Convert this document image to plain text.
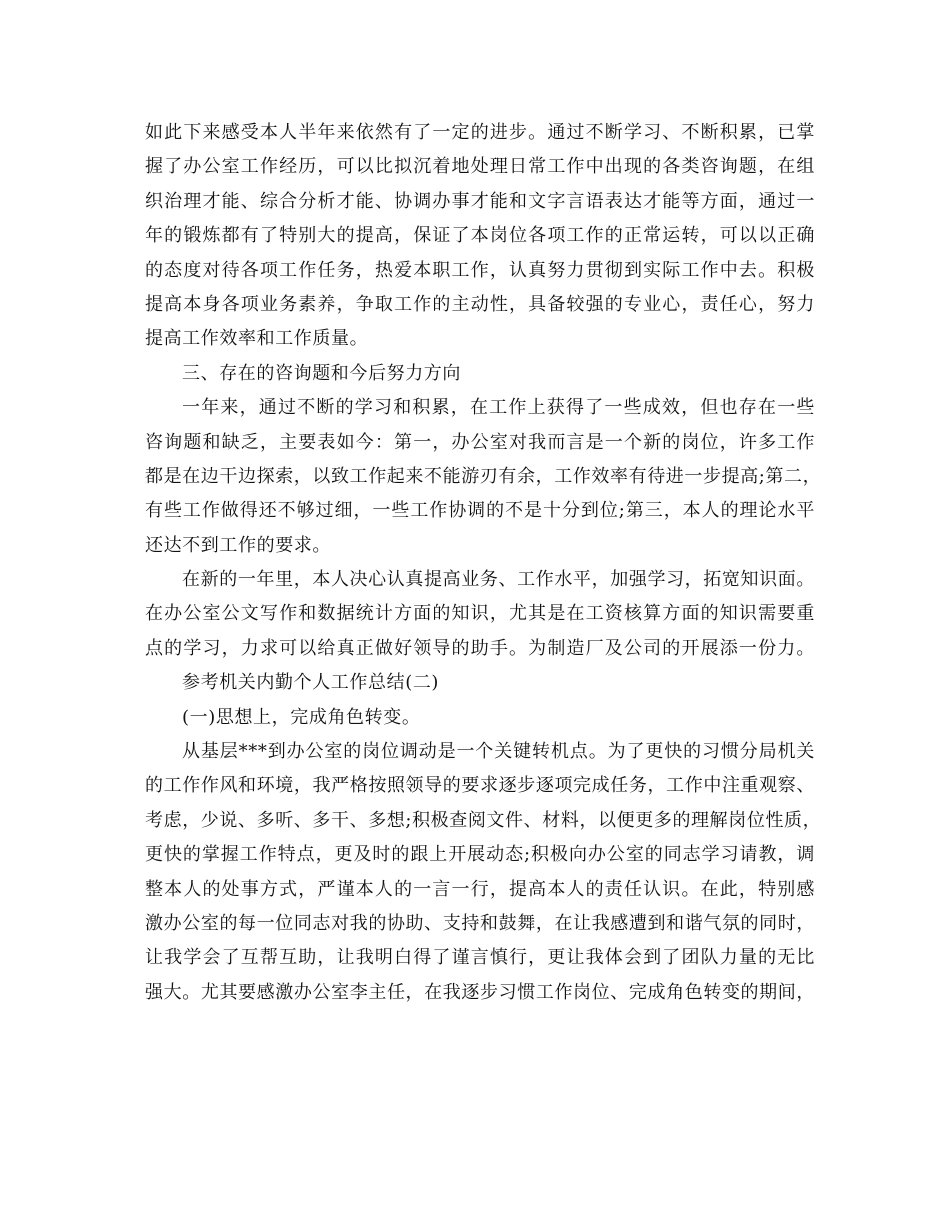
如此下来感受本人半年来依然有了一定的进步。通过不断学习、不断积累，已掌
握了办公室工作经历，可以比拟沉着地处理日常工作中出现的各类咨询题，在组
织治理才能、综合分析才能、协调办事才能和文字言语表达才能等方面，通过一
年的锻炼都有了特别大的提高，保证了本岗位各项工作的正常运转，可以以正确
的态度对待各项工作任务，热爱本职工作，认真努力贯彻到实际工作中去。积极
提高本身各项业务素养，争取工作的主动性，具备较强的专业心，责任心，努力
提高工作效率和工作质量。
三、存在的咨询题和今后努力方向
一年来，通过不断的学习和积累，在工作上获得了一些成效，但也存在一些
咨询题和缺乏，主要表如今：第一，办公室对我而言是一个新的岗位，许多工作
都是在边干边探索，以致工作起来不能游刃有余，工作效率有待进一步提高;第二，
有些工作做得还不够过细，一些工作协调的不是十分到位;第三，本人的理论水平
还达不到工作的要求。
在新的一年里，本人决心认真提高业务、工作水平，加强学习，拓宽知识面。
在办公室公文写作和数据统计方面的知识，尤其是在工资核算方面的知识需要重
点的学习，力求可以给真正做好领导的助手。为制造厂及公司的开展添一份力。
参考机关内勤个人工作总结(二)
(一)思想上，完成角色转变。
从基层***到办公室的岗位调动是一个关键转机点。为了更快的习惯分局机关
的工作作风和环境，我严格按照领导的要求逐步逐项完成任务，工作中注重观察、
考虑，少说、多听、多干、多想;积极查阅文件、材料，以便更多的理解岗位性质，
更快的掌握工作特点，更及时的跟上开展动态;积极向办公室的同志学习请教，调
整本人的处事方式，严谨本人的一言一行，提高本人的责任认识。在此，特别感
激办公室的每一位同志对我的协助、支持和鼓舞，在让我感遭到和谐气氛的同时，
让我学会了互帮互助，让我明白得了谨言慎行，更让我体会到了团队力量的无比
强大。尤其要感激办公室李主任，在我逐步习惯工作岗位、完成角色转变的期间，
